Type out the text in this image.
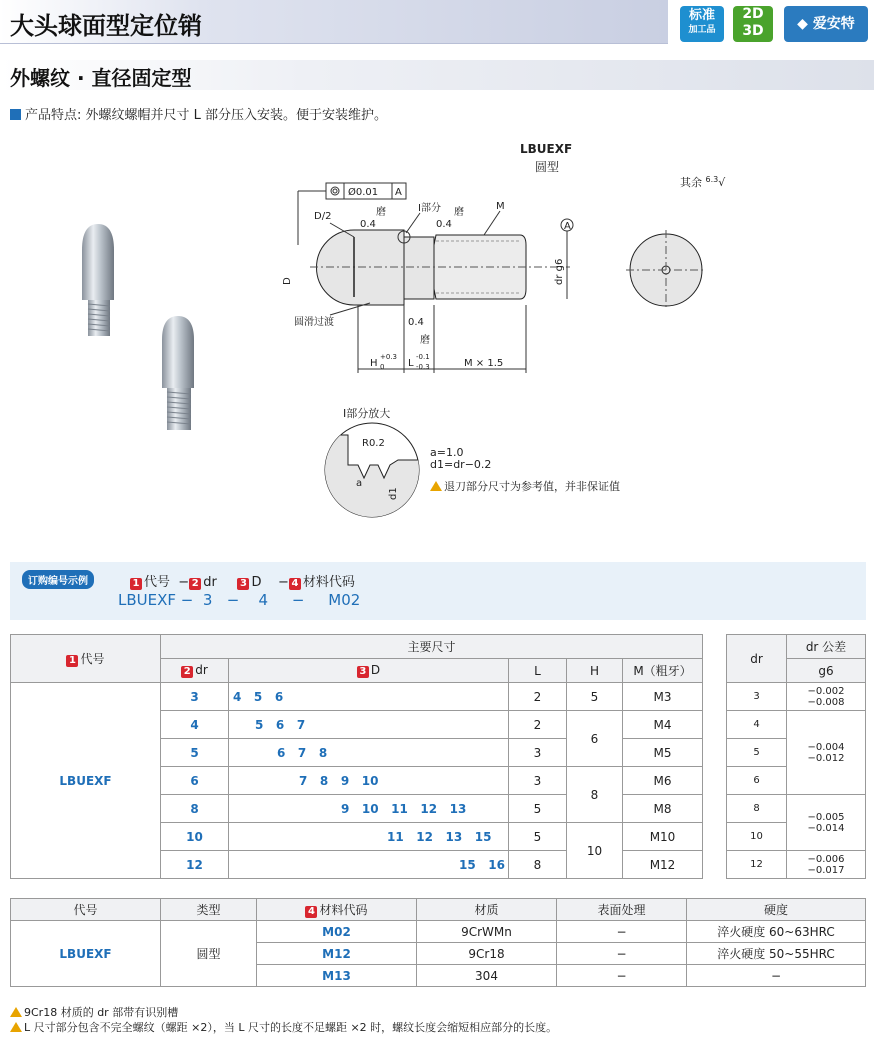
大头球面型定位销	标准
加工品
2D
3D	◆ 爱安特
外螺纹 · 直径固定型
产品特点: 外螺纹螺帽并尺寸 L 部分压入安装。便于安装维护。
LBUEXF
圆型
其余 $^{6.3}$√
Ø0.01 A
D/2
Ⅰ部分
0.4
磨
0.4
磨
M
A
D	dr g6
圆滑过渡	0.4
磨
H
+0.3
0 L
-0.1
-0.3	M × 1.5
Ⅰ部分放大
R0.2
a
d1
a=1.0
d1=dr−0.2
退刀部分尺寸为参考值，并非保证值
订购编号示例	1 代号 − 2 dr 3 D − 4 材料代码
LBUEXF − 3 − 4 − M02
1 代号	主要尺寸				
	2 dr	3 D	L	H	M（粗牙）
LBUEXF	3	4 5 6	2	5	M3
	4	5 6 7	2	6	M4
	5	6 7 8	3		M5
	6	7 8 9 10	3	8	M6
	8	9 10 11 12 13	5		M8
	10	11 12 13 15	5	10	M10
	12	15 16	8		M12
dr	dr 公差
	g6
3	−0.002
−0.008
4	−0.004
−0.012
5	
6	
8	−0.005
−0.014
10	
12	−0.006
−0.017
代号	类型	4 材料代码	材质	表面处理	硬度
LBUEXF	圆型	M02	9CrWMn	−	淬火硬度 60~63HRC
		M12	9Cr18	−	淬火硬度 50~55HRC
		M13	304	−	−
9Cr18 材质的 dr 部带有识别槽
L 尺寸部分包含不完全螺纹（螺距 ×2），当 L 尺寸的长度不足螺距 ×2 时，螺纹长度会缩短相应部分的长度。
